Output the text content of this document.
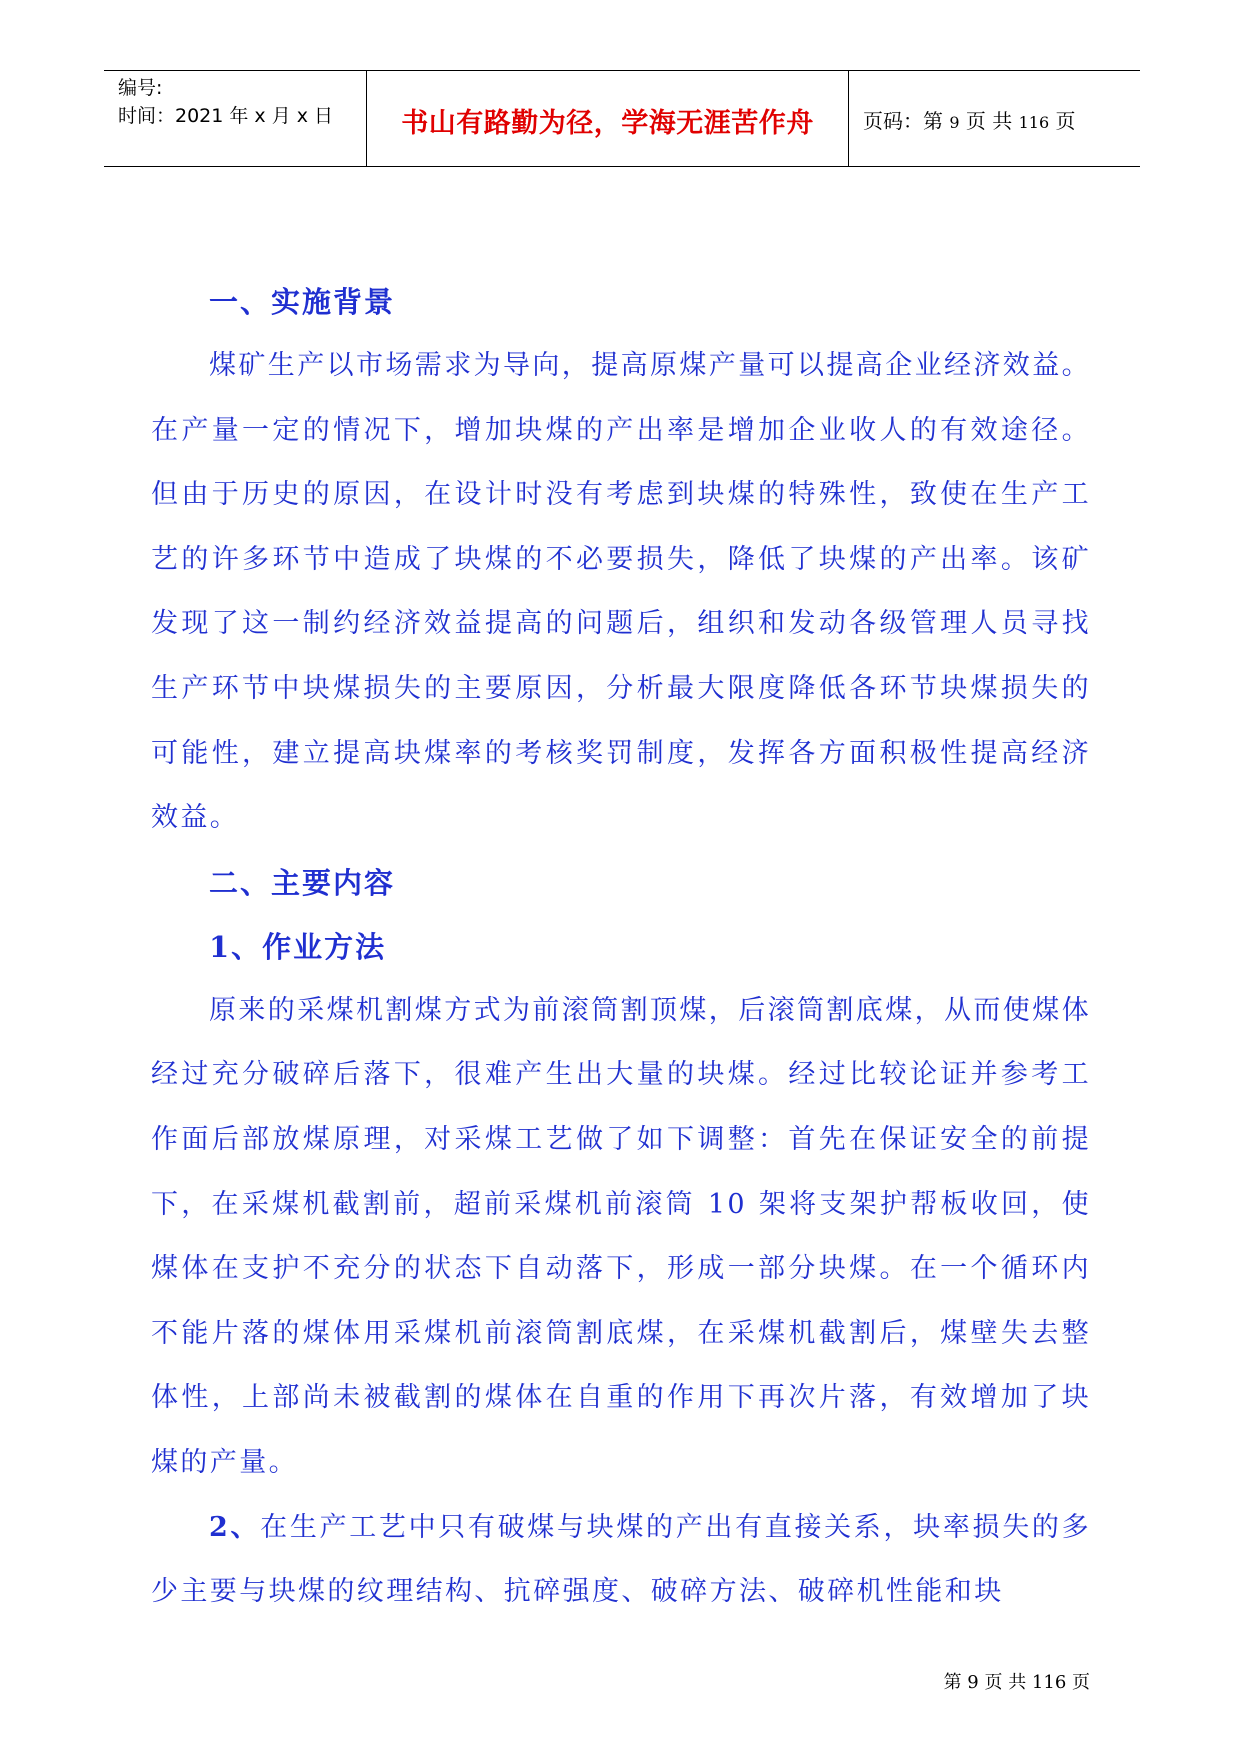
编号:
时间：2021 年 x 月 x 日	书山有路勤为径，学海无涯苦作舟	页码：第 9 页 共 116 页
一、实施背景

煤矿生产以市场需求为导向，提高原煤产量可以提高企业经济效益。在产量一定的情况下，增加块煤的产出率是增加企业收人的有效途径。但由于历史的原因，在设计时没有考虑到块煤的特殊性，致使在生产工艺的许多环节中造成了块煤的不必要损失，降低了块煤的产出率。该矿发现了这一制约经济效益提高的问题后，组织和发动各级管理人员寻找生产环节中块煤损失的主要原因，分析最大限度降低各环节块煤损失的可能性，建立提高块煤率的考核奖罚制度，发挥各方面积极性提高经济效益。

二、主要内容
1、作业方法

原来的采煤机割煤方式为前滚筒割顶煤，后滚筒割底煤，从而使煤体经过充分破碎后落下，很难产生出大量的块煤。经过比较论证并参考工作面后部放煤原理，对采煤工艺做了如下调整：首先在保证安全的前提下，在采煤机截割前，超前采煤机前滚筒 10 架将支架护帮板收回，使煤体在支护不充分的状态下自动落下，形成一部分块煤。在一个循环内不能片落的煤体用采煤机前滚筒割底煤，在采煤机截割后，煤壁失去整体性，上部尚未被截割的煤体在自重的作用下再次片落，有效增加了块煤的产量。

2、在生产工艺中只有破煤与块煤的产出有直接关系，块率损失的多少主要与块煤的纹理结构、抗碎强度、破碎方法、破碎机性能和块

第 9 页 共 116 页
